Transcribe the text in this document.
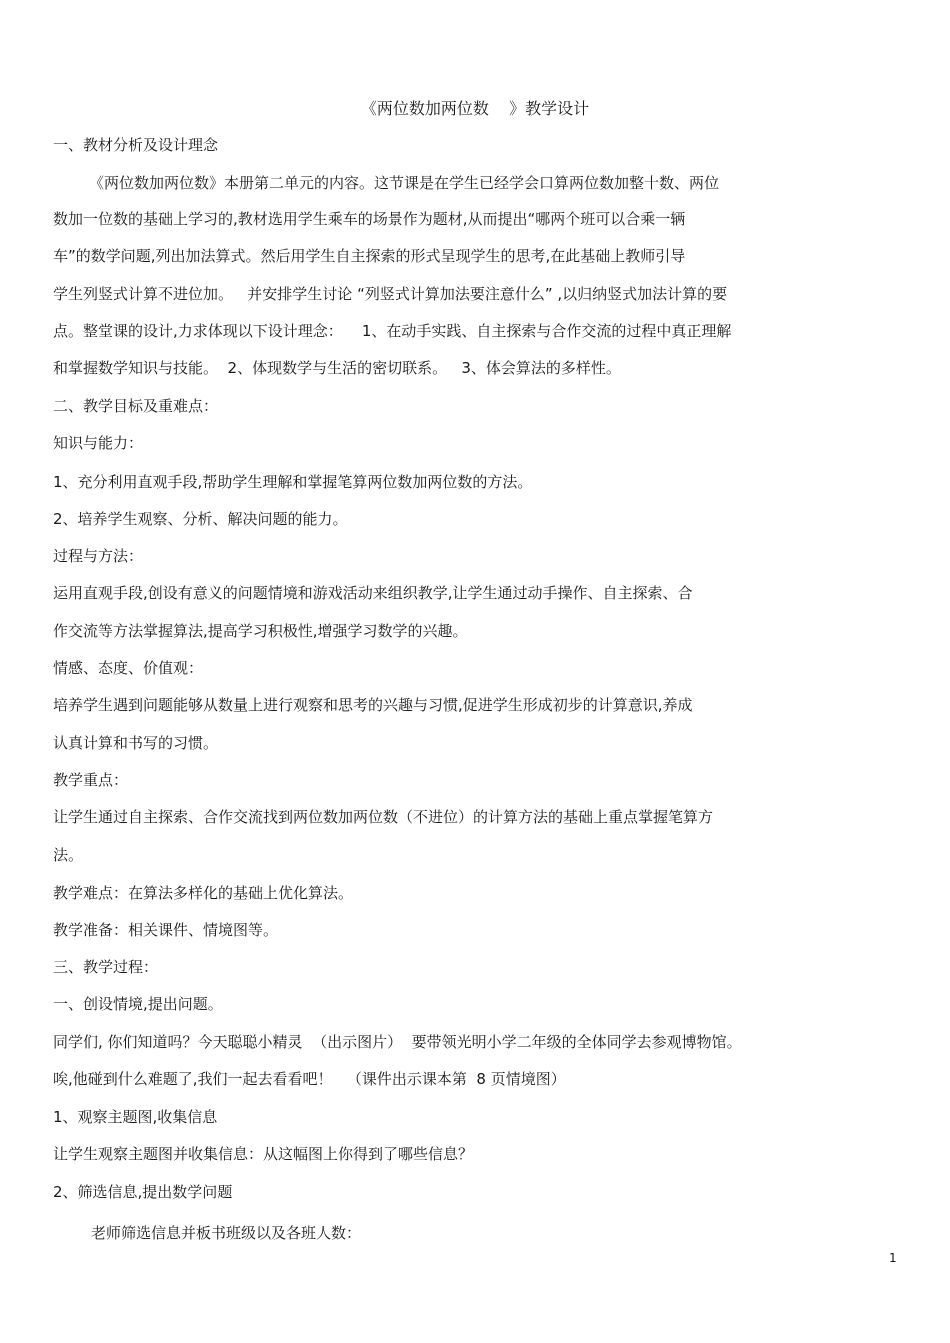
《两位数加两位数    》教学设计
一、教材分析及设计理念
《两位数加两位数》本册第二单元的内容。这节课是在学生已经学会口算两位数加整十数、两位
数加一位数的基础上学习的,教材选用学生乘车的场景作为题材,从而提出“哪两个班可以合乘一辆
车”的数学问题,列出加法算式。然后用学生自主探索的形式呈现学生的思考,在此基础上教师引导
学生列竖式计算不进位加。   并安排学生讨论 “列竖式计算加法要注意什么” ,以归纳竖式加法计算的要
点。整堂课的设计,力求体现以下设计理念：    1、在动手实践、自主探索与合作交流的过程中真正理解
和掌握数学知识与技能。  2、体现数学与生活的密切联系。   3、体会算法的多样性。
二、教学目标及重难点：
知识与能力：
1、充分利用直观手段,帮助学生理解和掌握笔算两位数加两位数的方法。
2、培养学生观察、分析、解决问题的能力。
过程与方法：
运用直观手段,创设有意义的问题情境和游戏活动来组织教学,让学生通过动手操作、自主探索、合
作交流等方法掌握算法,提高学习积极性,增强学习数学的兴趣。
情感、态度、价值观：
培养学生遇到问题能够从数量上进行观察和思考的兴趣与习惯,促进学生形成初步的计算意识,养成
认真计算和书写的习惯。
教学重点：
让学生通过自主探索、合作交流找到两位数加两位数（不进位）的计算方法的基础上重点掌握笔算方
法。
教学难点：在算法多样化的基础上优化算法。
教学准备：相关课件、情境图等。
三、教学过程：
一、创设情境,提出问题。
同学们, 你们知道吗？今天聪聪小精灵  （出示图片）  要带领光明小学二年级的全体同学去参观博物馆。
唉,他碰到什么难题了,我们一起去看看吧！   （课件出示课本第  8 页情境图）
1、观察主题图,收集信息
让学生观察主题图并收集信息：从这幅图上你得到了哪些信息？
2、筛选信息,提出数学问题
老师筛选信息并板书班级以及各班人数：
1
